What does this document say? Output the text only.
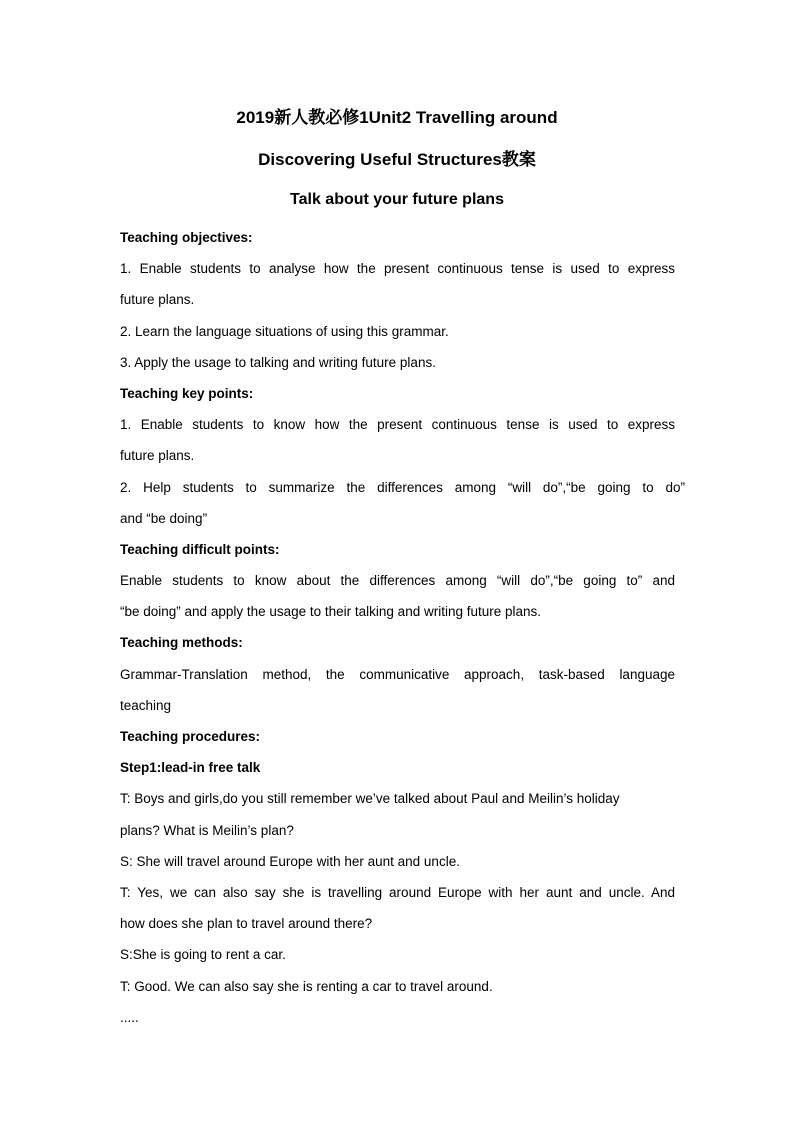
2019新人教必修1Unit2 Travelling around
Discovering Useful Structures教案
Talk about your future plans
Teaching objectives:
1. Enable students to analyse how the present continuous tense is used to express
future plans.
2. Learn the language situations of using this grammar.
3. Apply the usage to talking and writing future plans.
Teaching key points:
1. Enable students to know how the present continuous tense is used to express
future plans.
2. Help students to summarize the differences among “will do”,“be going to do”
and “be doing”
Teaching difficult points:
Enable students to know about the differences among “will do”,“be going to” and
“be doing” and apply the usage to their talking and writing future plans.
Teaching methods:
Grammar-Translation method, the communicative approach, task-based language
teaching
Teaching procedures:
Step1:lead-in free talk
T: Boys and girls,do you still remember we’ve talked about Paul and Meilin’s holiday
plans? What is Meilin’s plan?
S: She will travel around Europe with her aunt and uncle.
T: Yes, we can also say she is travelling around Europe with her aunt and uncle. And
how does she plan to travel around there?
S:She is going to rent a car.
T: Good. We can also say she is renting a car to travel around.
.....
